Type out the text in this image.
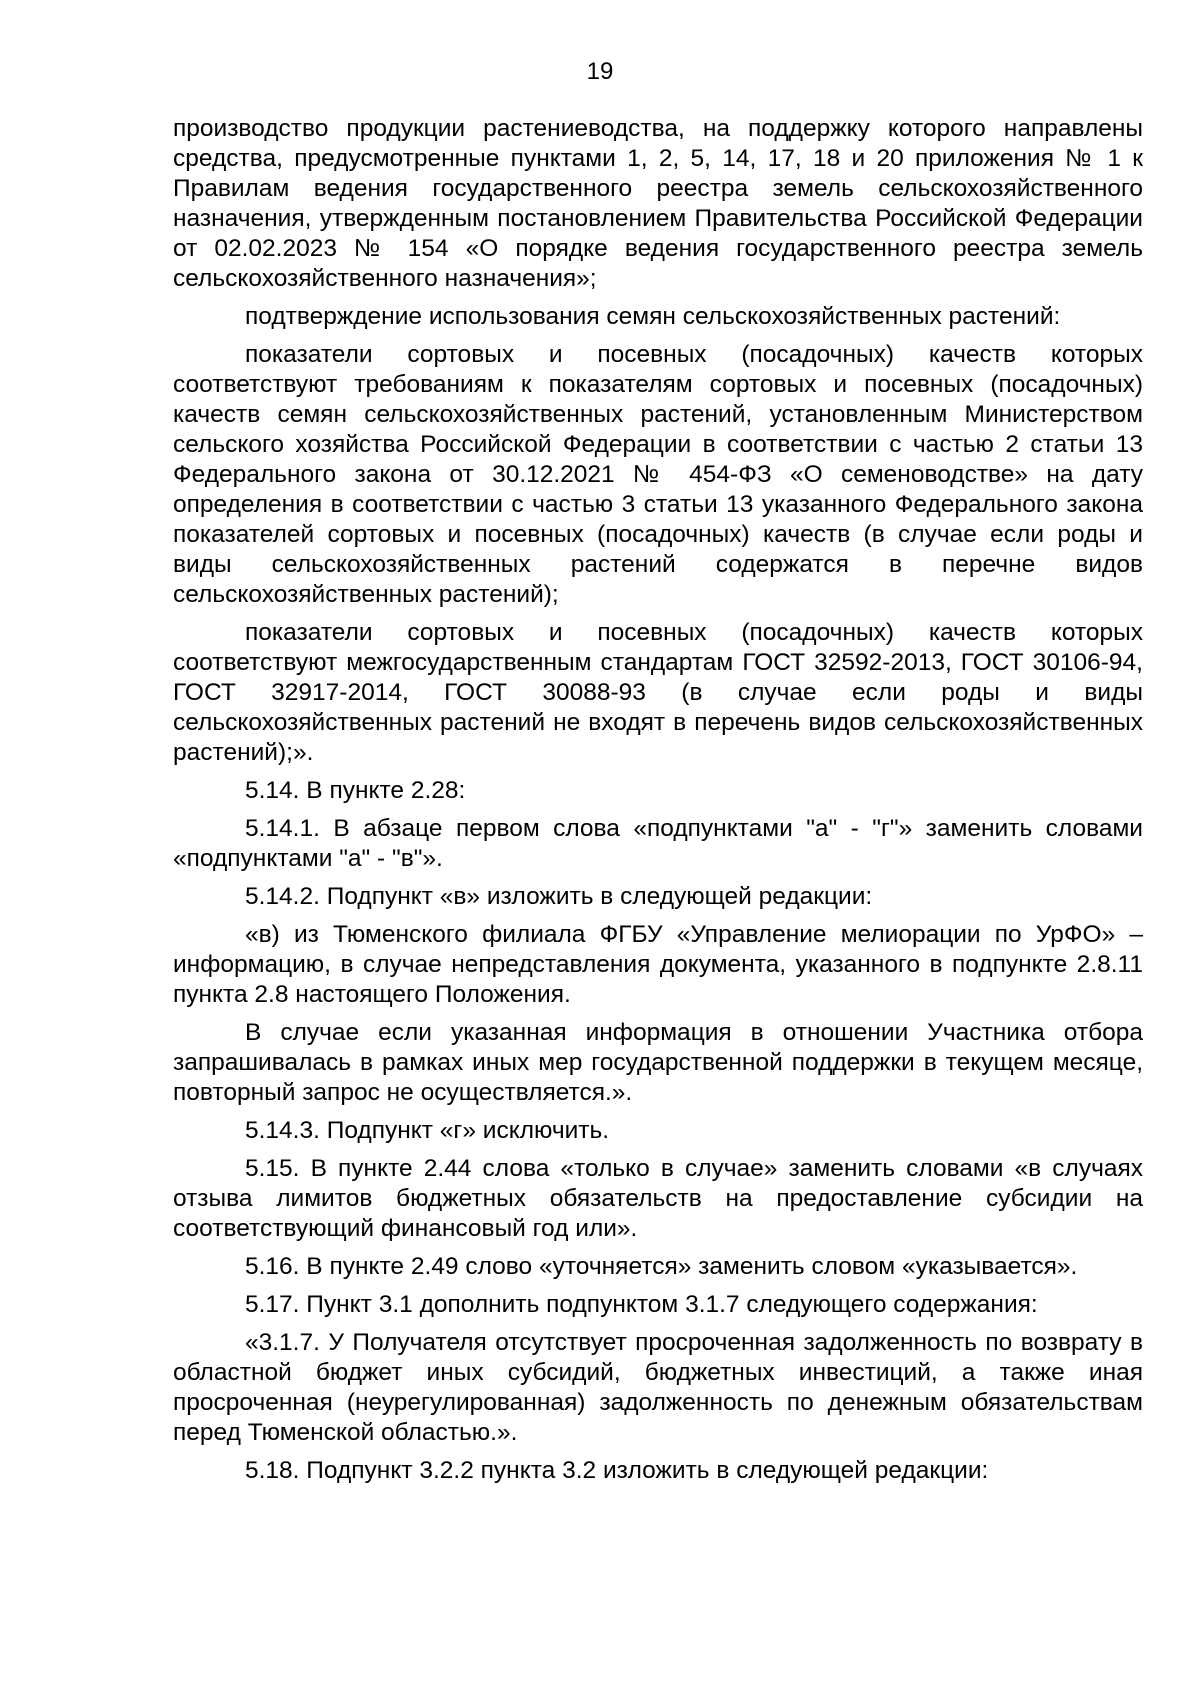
19

производство продукции растениеводства, на поддержку которого направлены средства, предусмотренные пунктами 1, 2, 5, 14, 17, 18 и 20 приложения № 1 к Правилам ведения государственного реестра земель сельскохозяйственного назначения, утвержденным постановлением Правительства Российской Федерации от 02.02.2023 № 154 «О порядке ведения государственного реестра земель сельскохозяйственного назначения»;

подтверждение использования семян сельскохозяйственных растений:

показатели сортовых и посевных (посадочных) качеств которых соответствуют требованиям к показателям сортовых и посевных (посадочных) качеств семян сельскохозяйственных растений, установленным Министерством сельского хозяйства Российской Федерации в соответствии с частью 2 статьи 13 Федерального закона от 30.12.2021 № 454-ФЗ «О семеноводстве» на дату определения в соответствии с частью 3 статьи 13 указанного Федерального закона показателей сортовых и посевных (посадочных) качеств (в случае если роды и виды сельскохозяйственных растений содержатся в перечне видов сельскохозяйственных растений);

показатели сортовых и посевных (посадочных) качеств которых соответствуют межгосударственным стандартам ГОСТ 32592-2013, ГОСТ 30106-94, ГОСТ 32917-2014, ГОСТ 30088-93 (в случае если роды и виды сельскохозяйственных растений не входят в перечень видов сельскохозяйственных растений);».

5.14. В пункте 2.28:

5.14.1. В абзаце первом слова «подпунктами "а" - "г"» заменить словами «подпунктами "а" - "в"».

5.14.2. Подпункт «в» изложить в следующей редакции:

«в) из Тюменского филиала ФГБУ «Управление мелиорации по УрФО» – информацию, в случае непредставления документа, указанного в подпункте 2.8.11 пункта 2.8 настоящего Положения.

В случае если указанная информация в отношении Участника отбора запрашивалась в рамках иных мер государственной поддержки в текущем месяце, повторный запрос не осуществляется.».

5.14.3. Подпункт «г» исключить.

5.15. В пункте 2.44 слова «только в случае» заменить словами «в случаях отзыва лимитов бюджетных обязательств на предоставление субсидии на соответствующий финансовый год или».

5.16. В пункте 2.49 слово «уточняется» заменить словом «указывается».

5.17. Пункт 3.1 дополнить подпунктом 3.1.7 следующего содержания:

«3.1.7. У Получателя отсутствует просроченная задолженность по возврату в областной бюджет иных субсидий, бюджетных инвестиций, а также иная просроченная (неурегулированная) задолженность по денежным обязательствам перед Тюменской областью.».

5.18. Подпункт 3.2.2 пункта 3.2 изложить в следующей редакции:
